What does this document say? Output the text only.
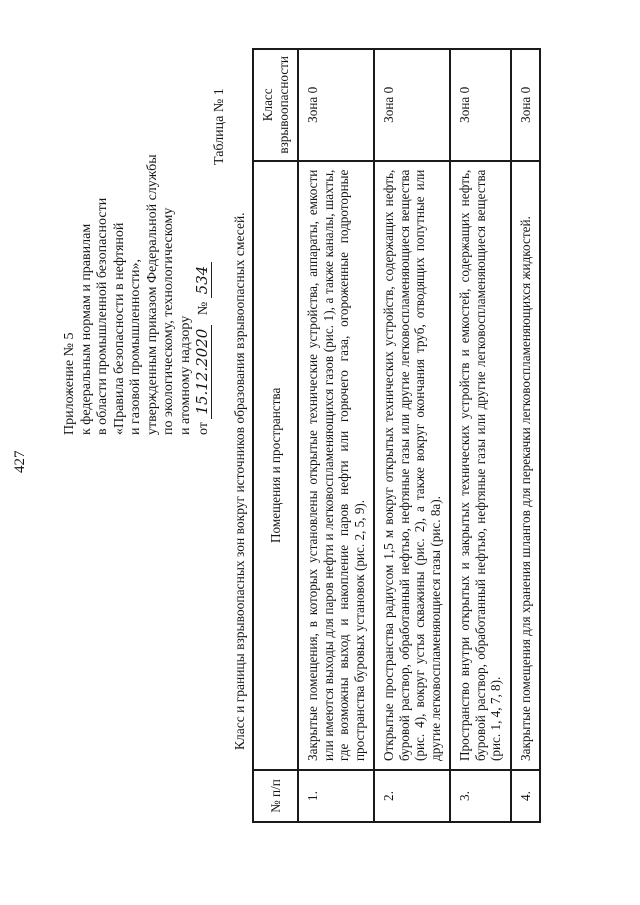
427
Приложение № 5 к федеральным нормам и правилам в области промышленной безопасности «Правила безопасности в нефтяной и газовой промышленности», утвержденным приказом Федеральной службы по экологическому, технологическому и атомному надзору от 15.12.2020 № 534
Таблица № 1
Класс и границы взрывоопасных зон вокруг источников образования взрывоопасных смесей.
№ п/п	Помещения и пространства	Класс взрывоопасности
1.	Закрытые помещения, в которых установлены открытые технические устройства, аппараты, емкости или имеются выходы для паров нефти и легковоспламеняющихся газов (рис. 1), а также каналы, шахты, где возможны выход и накопление паров нефти или горючего газа, огороженные подроторные пространства буровых установок (рис. 2, 5, 9).	Зона 0
2.	Открытые пространства радиусом 1,5 м вокруг открытых технических устройств, содержащих нефть, буровой раствор, обработанный нефтью, нефтяные газы или другие легковоспламеняющиеся вещества (рис. 4), вокруг устья скважины (рис. 2), а также вокруг окончания труб, отводящих попутные или другие легковоспламеняющиеся газы (рис. 8а).	Зона 0
3.	Пространство внутри открытых и закрытых технических устройств и емкостей, содержащих нефть, буровой раствор, обработанный нефтью, нефтяные газы или другие легковоспламеняющиеся вещества (рис. 1, 4, 7, 8).	Зона 0
4.	Закрытые помещения для хранения шлангов для перекачки легковоспламеняющихся жидкостей.	Зона 0
